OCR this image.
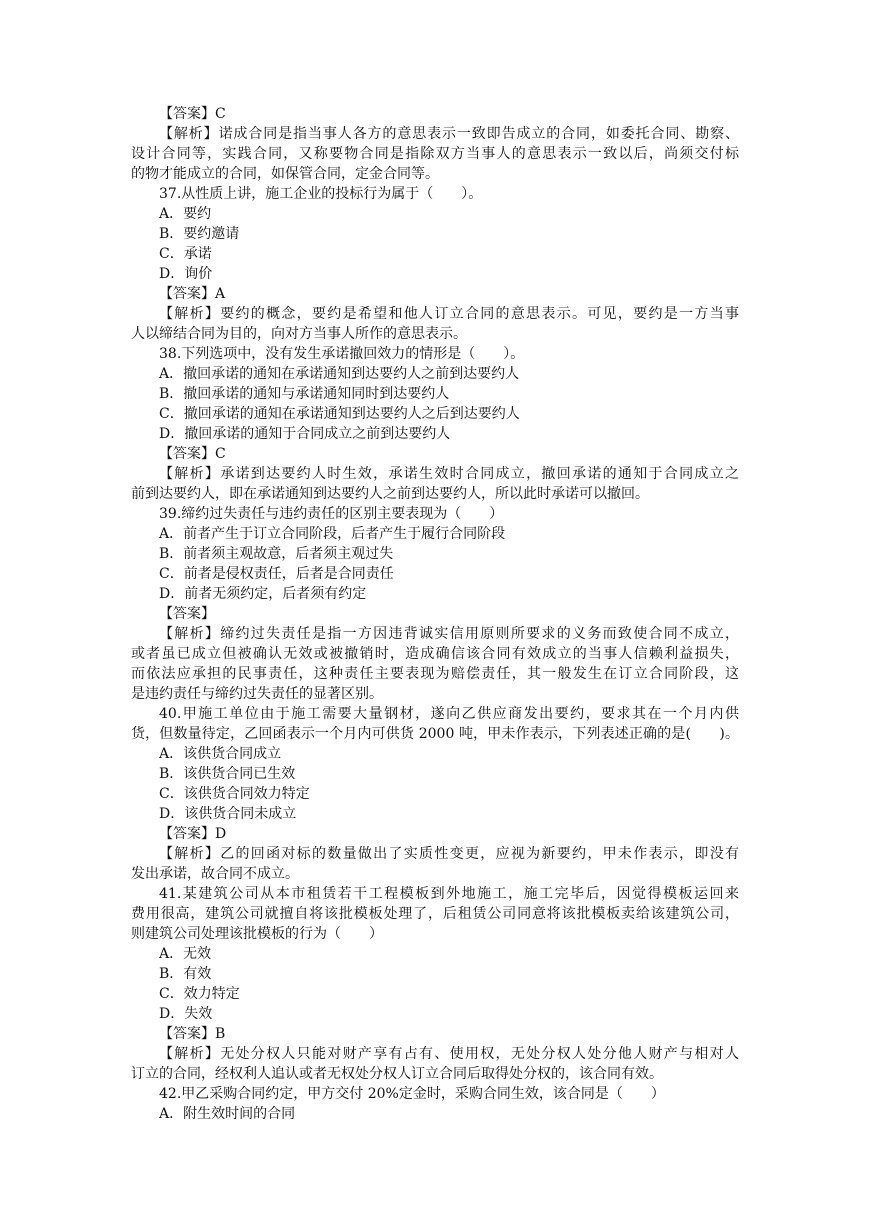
【答案】C
【解析】诺成合同是指当事人各方的意思表示一致即告成立的合同，如委托合同、勘察、
设计合同等，实践合同，又称要物合同是指除双方当事人的意思表示一致以后，尚须交付标
的物才能成立的合同，如保管合同，定金合同等。
37.从性质上讲，施工企业的投标行为属于（　　）。
A．要约
B．要约邀请
C．承诺
D．询价
【答案】A
【解析】要约的概念，要约是希望和他人订立合同的意思表示。可见，要约是一方当事
人以缔结合同为目的，向对方当事人所作的意思表示。
38.下列选项中，没有发生承诺撤回效力的情形是（　　）。
A．撤回承诺的通知在承诺通知到达要约人之前到达要约人
B．撤回承诺的通知与承诺通知同时到达要约人
C．撤回承诺的通知在承诺通知到达要约人之后到达要约人
D．撤回承诺的通知于合同成立之前到达要约人
【答案】C
【解析】承诺到达要约人时生效，承诺生效时合同成立，撤回承诺的通知于合同成立之
前到达要约人，即在承诺通知到达要约人之前到达要约人，所以此时承诺可以撤回。
39.缔约过失责任与违约责任的区别主要表现为（　　）
A．前者产生于订立合同阶段，后者产生于履行合同阶段
B．前者须主观故意，后者须主观过失
C．前者是侵权责任，后者是合同责任
D．前者无须约定，后者须有约定
【答案】
【解析】缔约过失责任是指一方因违背诚实信用原则所要求的义务而致使合同不成立，
或者虽已成立但被确认无效或被撤销时，造成确信该合同有效成立的当事人信赖利益损失，
而依法应承担的民事责任，这种责任主要表现为赔偿责任，其一般发生在订立合同阶段，这
是违约责任与缔约过失责任的显著区别。
40.甲施工单位由于施工需要大量钢材，遂向乙供应商发出要约，要求其在一个月内供
货，但数量待定，乙回函表示一个月内可供货 2000 吨，甲未作表示，下列表述正确的是(　　)。
A．该供货合同成立
B．该供货合同已生效
C．该供货合同效力特定
D．该供货合同未成立
【答案】D
【解析】乙的回函对标的数量做出了实质性变更，应视为新要约，甲未作表示，即没有
发出承诺，故合同不成立。
41.某建筑公司从本市租赁若干工程模板到外地施工，施工完毕后，因觉得模板运回来
费用很高，建筑公司就擅自将该批模板处理了，后租赁公司同意将该批模板卖给该建筑公司，
则建筑公司处理该批模板的行为（　　）
A．无效
B．有效
C．效力特定
D．失效
【答案】B
【解析】无处分权人只能对财产享有占有、使用权，无处分权人处分他人财产与相对人
订立的合同，经权利人追认或者无权处分权人订立合同后取得处分权的，该合同有效。
42.甲乙采购合同约定，甲方交付 20%定金时，采购合同生效，该合同是（　　）
A．附生效时间的合同
